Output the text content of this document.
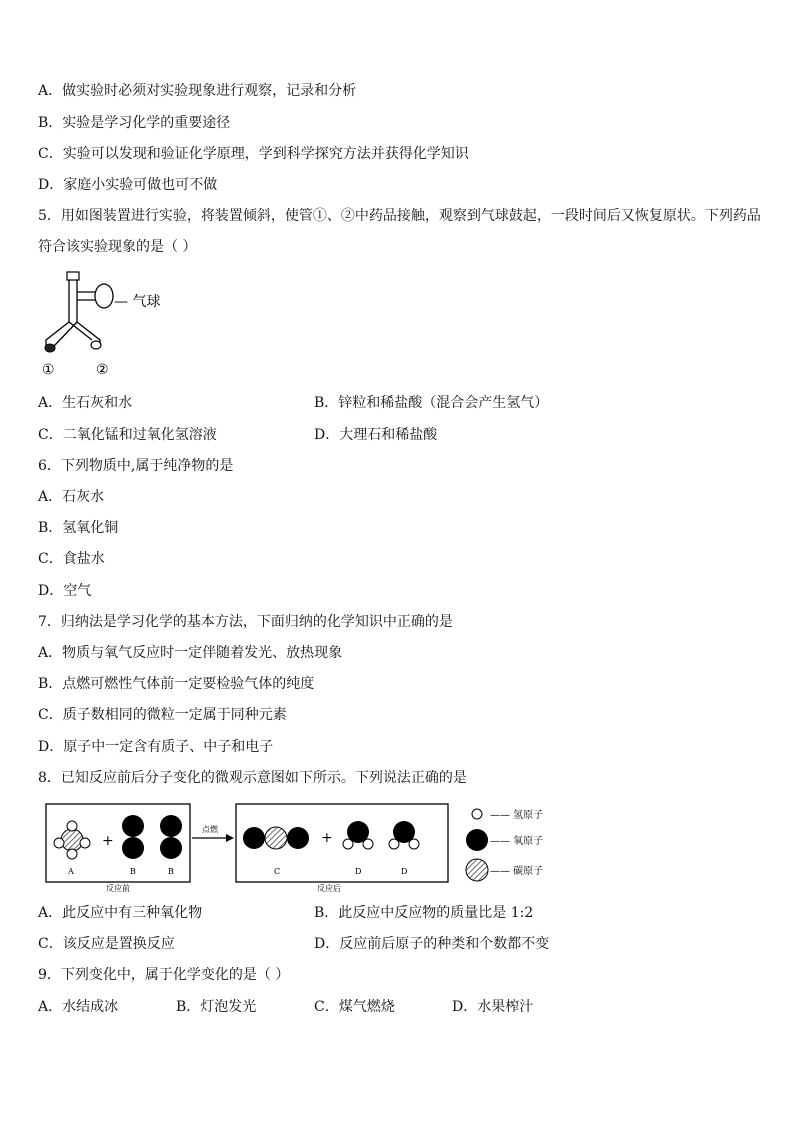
A．做实验时必须对实验现象进行观察，记录和分析
B．实验是学习化学的重要途径
C．实验可以发现和验证化学原理，学到科学探究方法并获得化学知识
D．家庭小实验可做也可不做
5．用如图装置进行实验，将装置倾斜，使管①、②中药品接触，观察到气球鼓起，一段时间后又恢复原状。下列药品
符合该实验现象的是（ ）
— 气球
①	②
A．生石灰和水	B．锌粒和稀盐酸（混合会产生氢气）
C．二氧化锰和过氧化氢溶液	D．大理石和稀盐酸
6．下列物质中,属于纯净物的是
A．石灰水
B．氢氧化铜
C．食盐水
D．空气
7．归纳法是学习化学的基本方法，下面归纳的化学知识中正确的是
A．物质与氧气反应时一定伴随着发光、放热现象
B．点燃可燃性气体前一定要检验气体的纯度
C．质子数相同的微粒一定属于同种元素
D．原子中一定含有质子、中子和电子
8．已知反应前后分子变化的微观示意图如下所示。下列说法正确的是
+
A	B	B
反应前
点燃
+
C	D	D
反应后
—— 氢原子
—— 氧原子
—— 碳原子
A．此反应中有三种氧化物	B．此反应中反应物的质量比是 1:2
C．该反应是置换反应	D．反应前后原子的种类和个数都不变
9．下列变化中，属于化学变化的是（ ）
A．水结成冰	B．灯泡发光	C．煤气燃烧	D．水果榨汁
